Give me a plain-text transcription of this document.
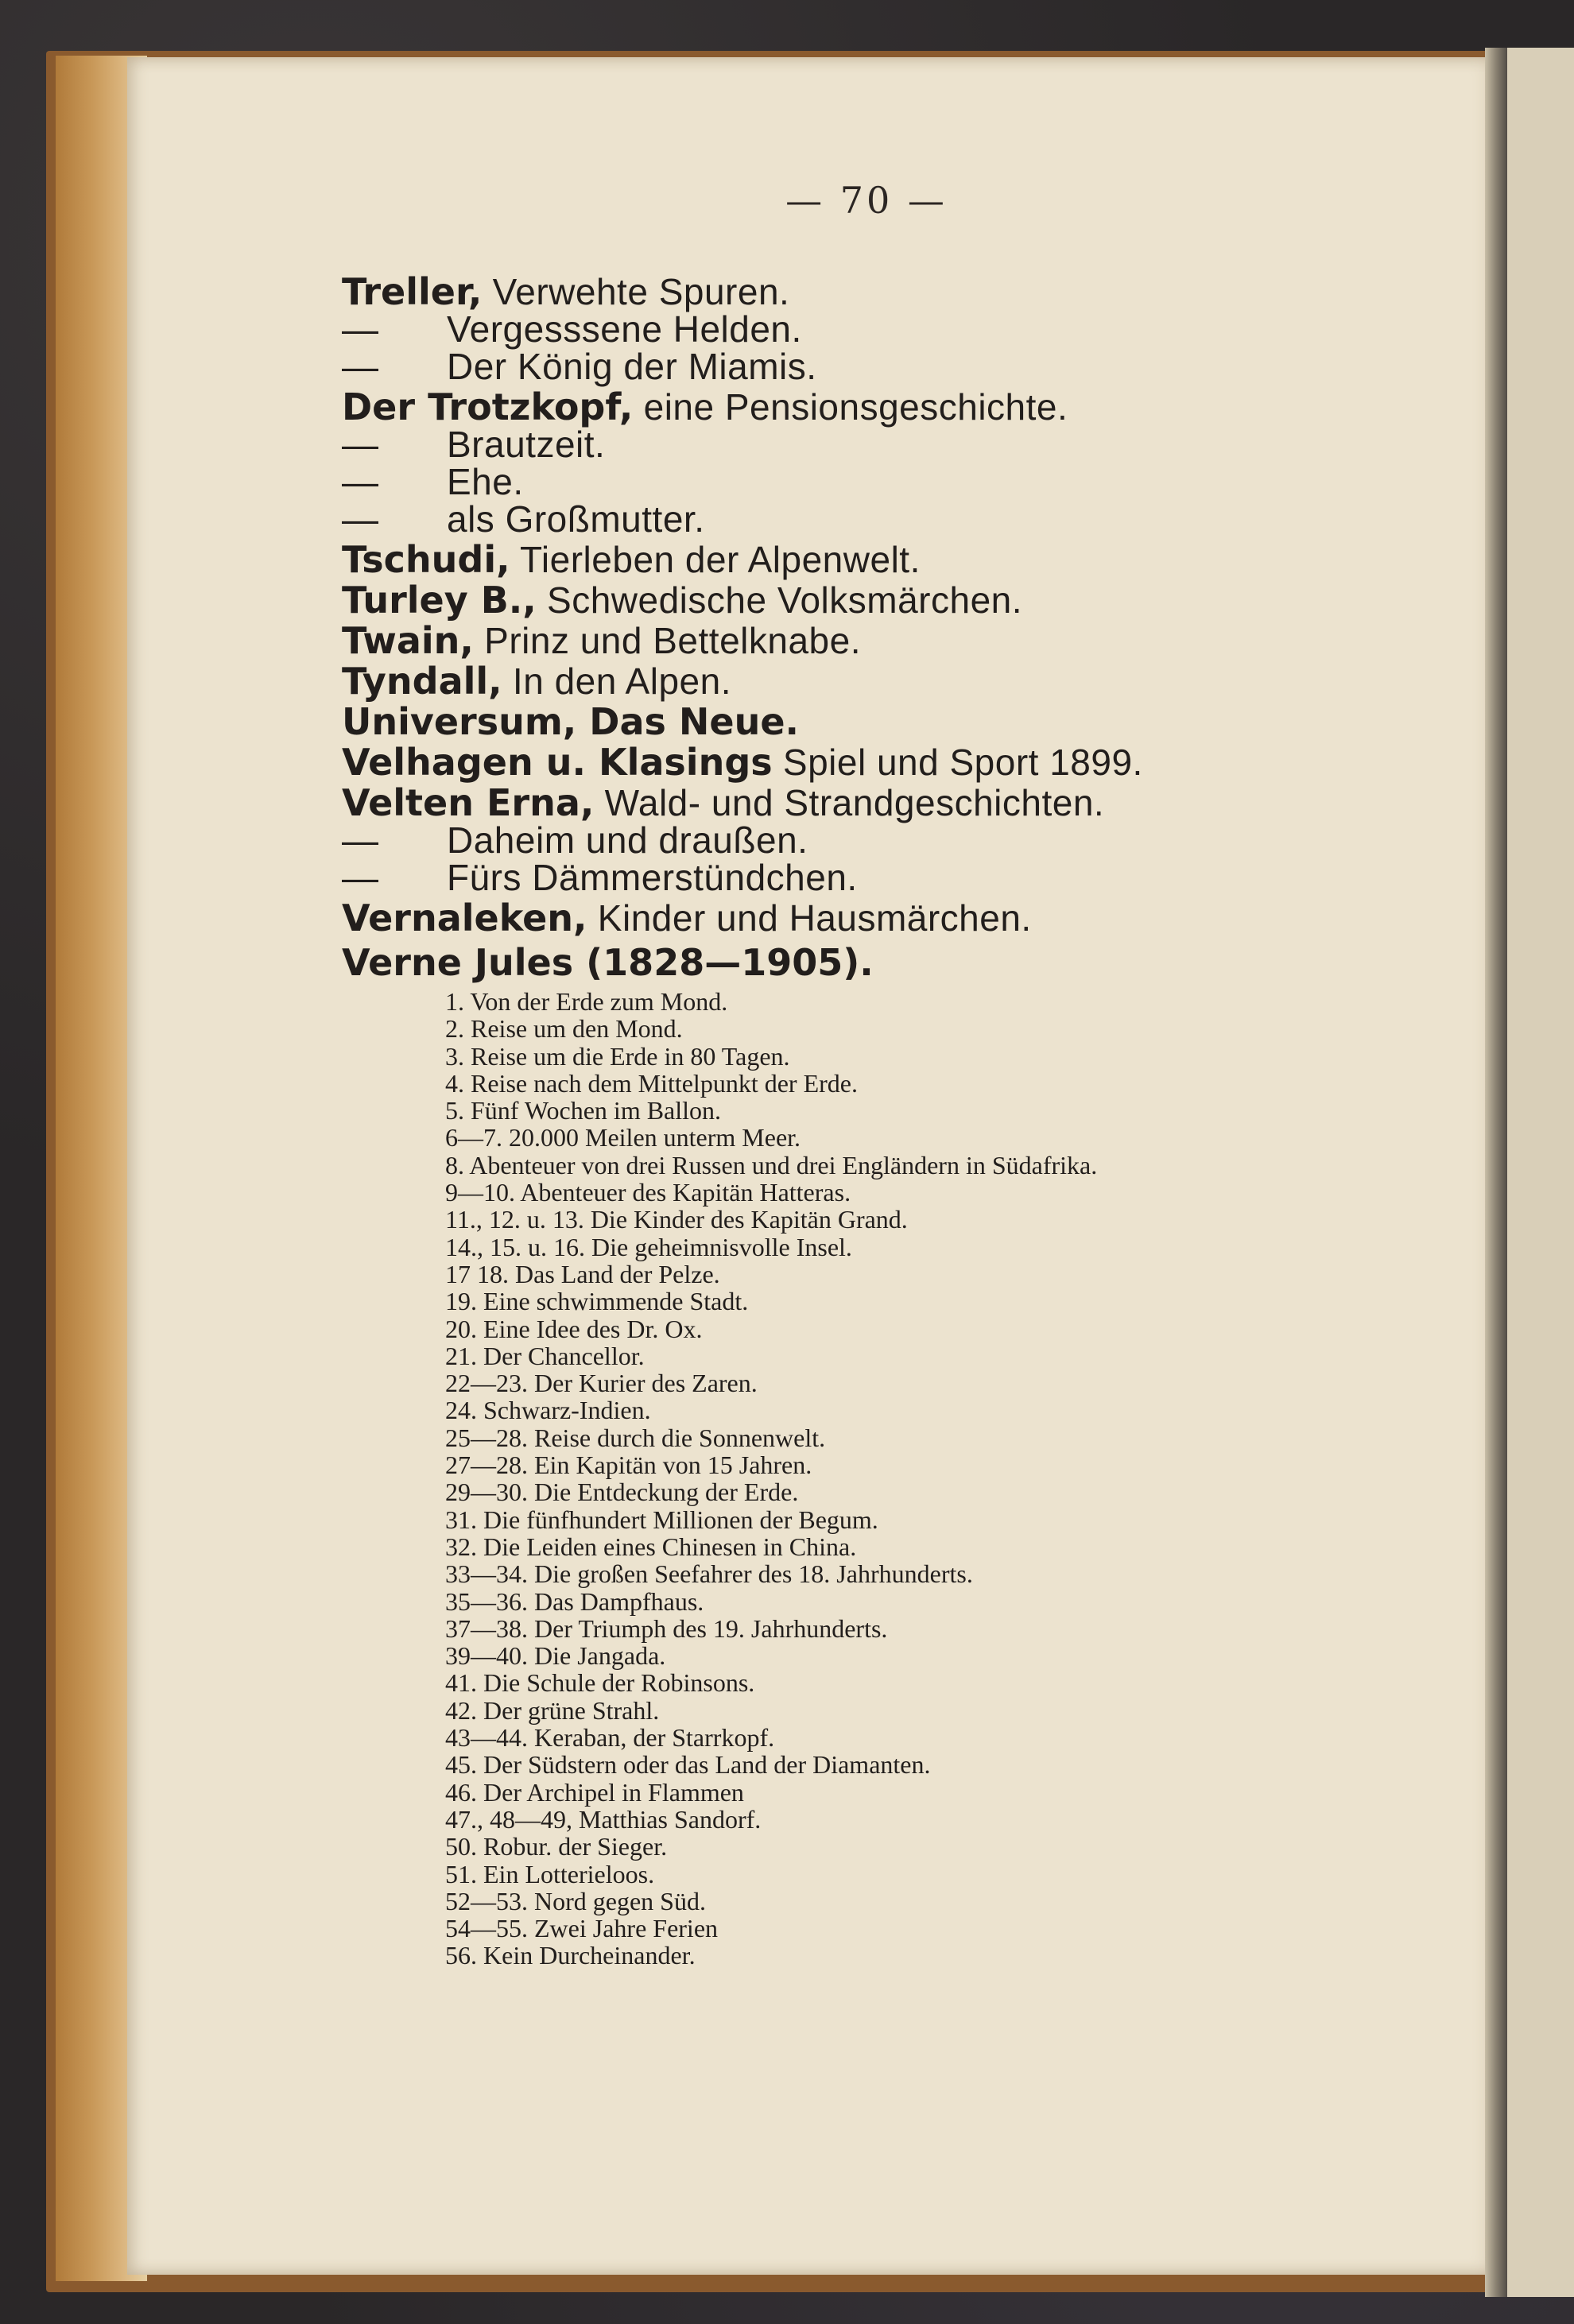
— 70 —
Treller, Verwehte Spuren.
— Vergesssene Helden.
— Der König der Miamis.
Der Trotzkopf, eine Pensionsgeschichte.
— Brautzeit.
— Ehe.
— als Großmutter.
Tschudi, Tierleben der Alpenwelt.
Turley B., Schwedische Volksmärchen.
Twain, Prinz und Bettelknabe.
Tyndall, In den Alpen.
Universum, Das Neue.
Velhagen u. Klasings Spiel und Sport 1899.
Velten Erna, Wald- und Strandgeschichten.
— Daheim und draußen.
— Fürs Dämmerstündchen.
Vernaleken, Kinder und Hausmärchen.
Verne Jules (1828—1905).
1. Von der Erde zum Mond.
2. Reise um den Mond.
3. Reise um die Erde in 80 Tagen.
4. Reise nach dem Mittelpunkt der Erde.
5. Fünf Wochen im Ballon.
6—7. 20.000 Meilen unterm Meer.
8. Abenteuer von drei Russen und drei Engländern in Südafrika.
9—10. Abenteuer des Kapitän Hatteras.
11., 12. u. 13. Die Kinder des Kapitän Grand.
14., 15. u. 16. Die geheimnisvolle Insel.
17 18. Das Land der Pelze.
19. Eine schwimmende Stadt.
20. Eine Idee des Dr. Ox.
21. Der Chancellor.
22—23. Der Kurier des Zaren.
24. Schwarz-Indien.
25—28. Reise durch die Sonnenwelt.
27—28. Ein Kapitän von 15 Jahren.
29—30. Die Entdeckung der Erde.
31. Die fünfhundert Millionen der Begum.
32. Die Leiden eines Chinesen in China.
33—34. Die großen Seefahrer des 18. Jahrhunderts.
35—36. Das Dampfhaus.
37—38. Der Triumph des 19. Jahrhunderts.
39—40. Die Jangada.
41. Die Schule der Robinsons.
42. Der grüne Strahl.
43—44. Keraban, der Starrkopf.
45. Der Südstern oder das Land der Diamanten.
46. Der Archipel in Flammen
47., 48—49, Matthias Sandorf.
50. Robur. der Sieger.
51. Ein Lotterieloos.
52—53. Nord gegen Süd.
54—55. Zwei Jahre Ferien
56. Kein Durcheinander.
